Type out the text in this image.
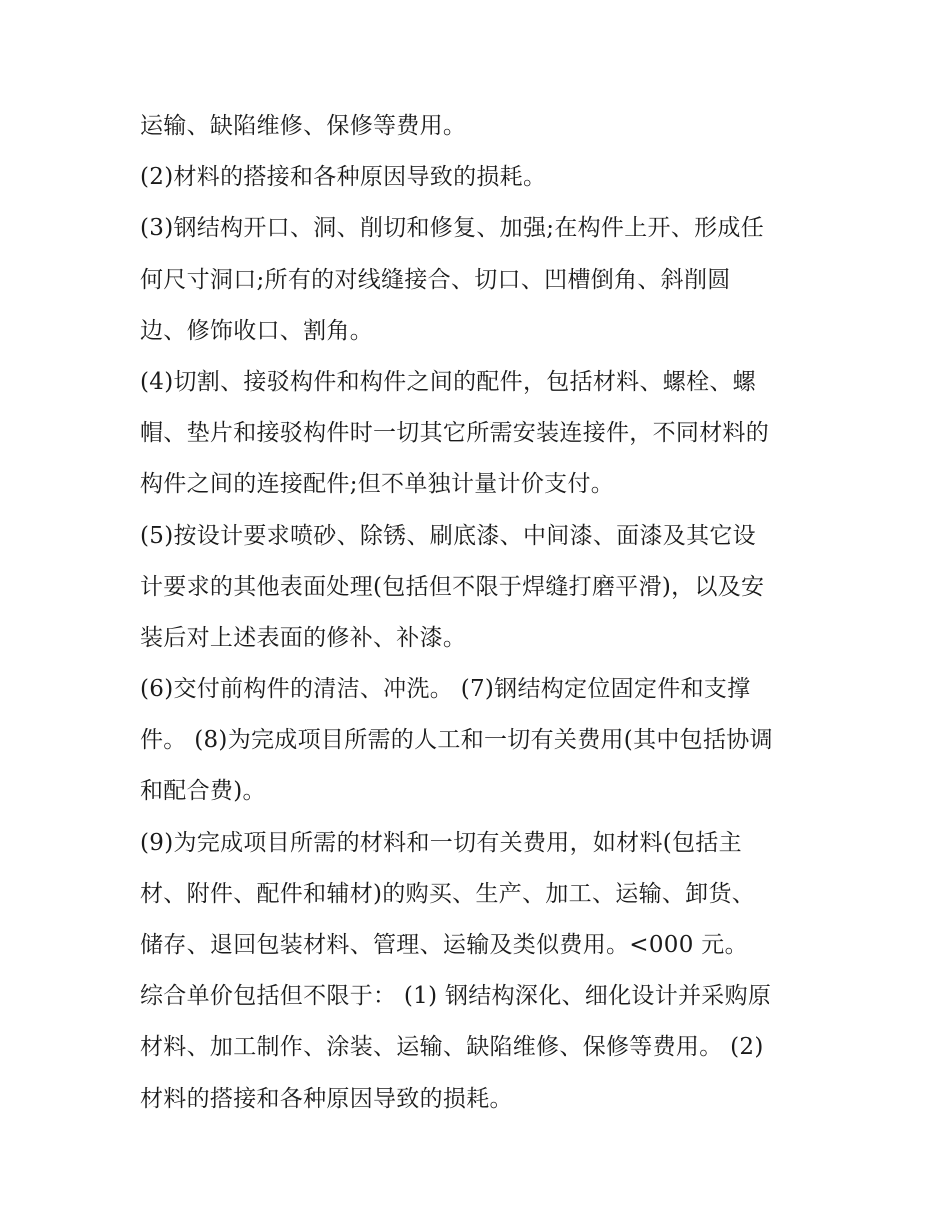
运输、缺陷维修、保修等费用。
(2)材料的搭接和各种原因导致的损耗。
(3)钢结构开口、洞、削切和修复、加强;在构件上开、形成任
何尺寸洞口;所有的对线缝接合、切口、凹槽倒角、斜削圆
边、修饰收口、割角。
(4)切割、接驳构件和构件之间的配件，包括材料、螺栓、螺
帽、垫片和接驳构件时一切其它所需安装连接件，不同材料的
构件之间的连接配件;但不单独计量计价支付。
(5)按设计要求喷砂、除锈、刷底漆、中间漆、面漆及其它设
计要求的其他表面处理(包括但不限于焊缝打磨平滑)，以及安
装后对上述表面的修补、补漆。
(6)交付前构件的清洁、冲洗。 (7)钢结构定位固定件和支撑
件。 (8)为完成项目所需的人工和一切有关费用(其中包括协调
和配合费)。
(9)为完成项目所需的材料和一切有关费用，如材料(包括主
材、附件、配件和辅材)的购买、生产、加工、运输、卸货、
储存、退回包装材料、管理、运输及类似费用。<000 元。
综合单价包括但不限于： (1) 钢结构深化、细化设计并采购原
材料、加工制作、涂装、运输、缺陷维修、保修等费用。 (2)
材料的搭接和各种原因导致的损耗。
